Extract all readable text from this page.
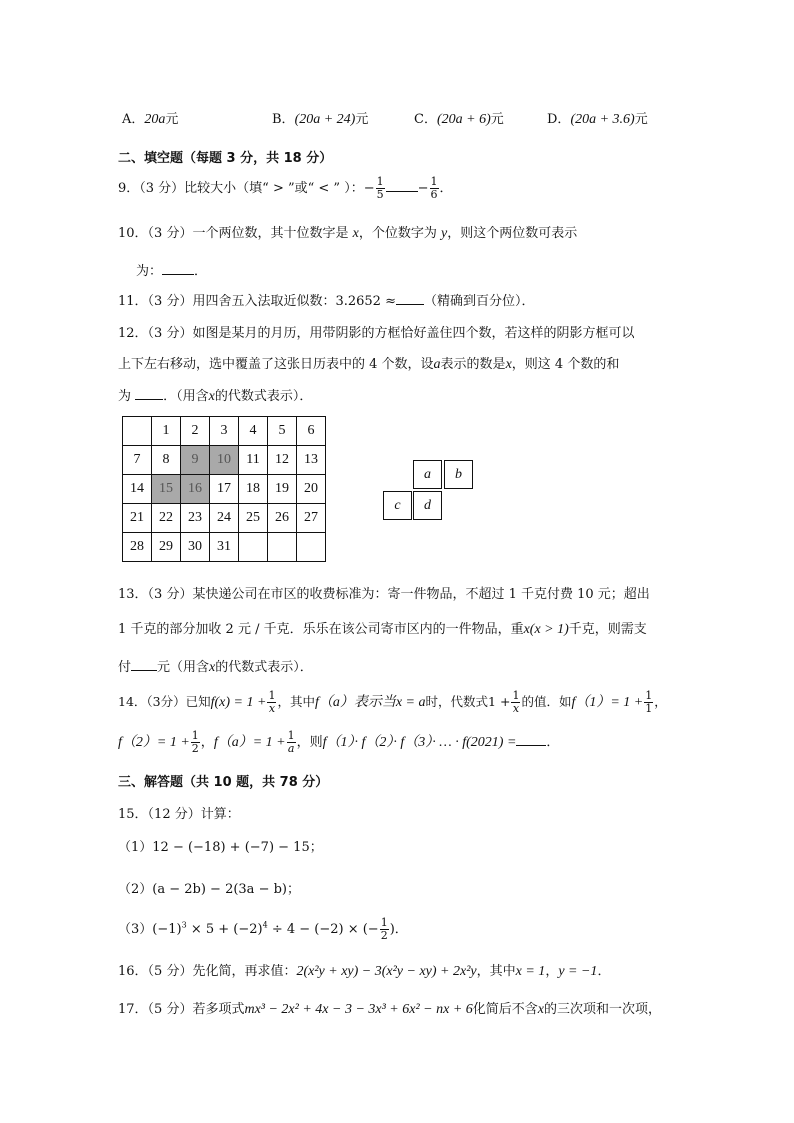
A．20a元	B．(20a + 24)元	C．(20a + 6)元	D．(20a + 3.6)元
二、填空题（每题 3 分，共 18 分）
9．（3 分）比较大小（填“ > ”或“ < ” ）：− $\frac{1}{5}$	− $\frac{1}{6}$ ．
10．（3 分）一个两位数，其十位数字是 x，个位数字为 y，则这个两位数可表示
为： ．
11．（3 分）用四舍五入法取近似数：3.2652 ≈ （精确到百分位）．
12．（3 分）如图是某月的月历，用带阴影的方框恰好盖住四个数，若这样的阴影方框可以
上下左右移动，选中覆盖了这张日历表中的 4 个数，设a表示的数是x，则这 4 个数的和
为 ．（用含x的代数式表示）．
	1	2	3	4	5	6
7	8	9	10	11	12	13
14	15	16	17	18	19	20
21	22	23	24	25	26	27
28	29	30	31			
a	b
c	d
13．（3 分）某快递公司在市区的收费标准为：寄一件物品，不超过 1 千克付费 10 元；超出
1 千克的部分加收 2 元 / 千克．乐乐在该公司寄市区内的一件物品，重x(x > 1)千克，则需支
付 元（用含x的代数式表示）．
14．（3分）已知$f(x) = 1 + \frac{1}{x}$ ，其中f（a）表示当x = a时，代数式$1 + \frac{1}{x}$ 的值．如$f(1)= 1 + \frac{1}{1}$ ，
$f(2)= 1 + \frac{1}{2}$ ，$f(a)= 1 + \frac{1}{a}$ ，则f（1）· f（2）· f（3）· … · f(2021) = ．
三、解答题（共 10 题，共 78 分）
15．（12 分）计算：
（1）12 − (−18) + (−7) − 15；
（2）(a − 2b) − 2(3a − b)；
$(3)(-1)^3 \times 5 + (-2)^4 \div 4 - (-2)$ × (− $\frac{1}{2}$ )．
16．（5 分）先化简，再求值：2(x²y + xy) − 3(x²y − xy) + 2x²y，其中x = 1，y = −1．
17．（5 分）若多项式mx³ − 2x² + 4x − 3 − 3x³ + 6x² − nx + 6化简后不含x的三次项和一次项，
